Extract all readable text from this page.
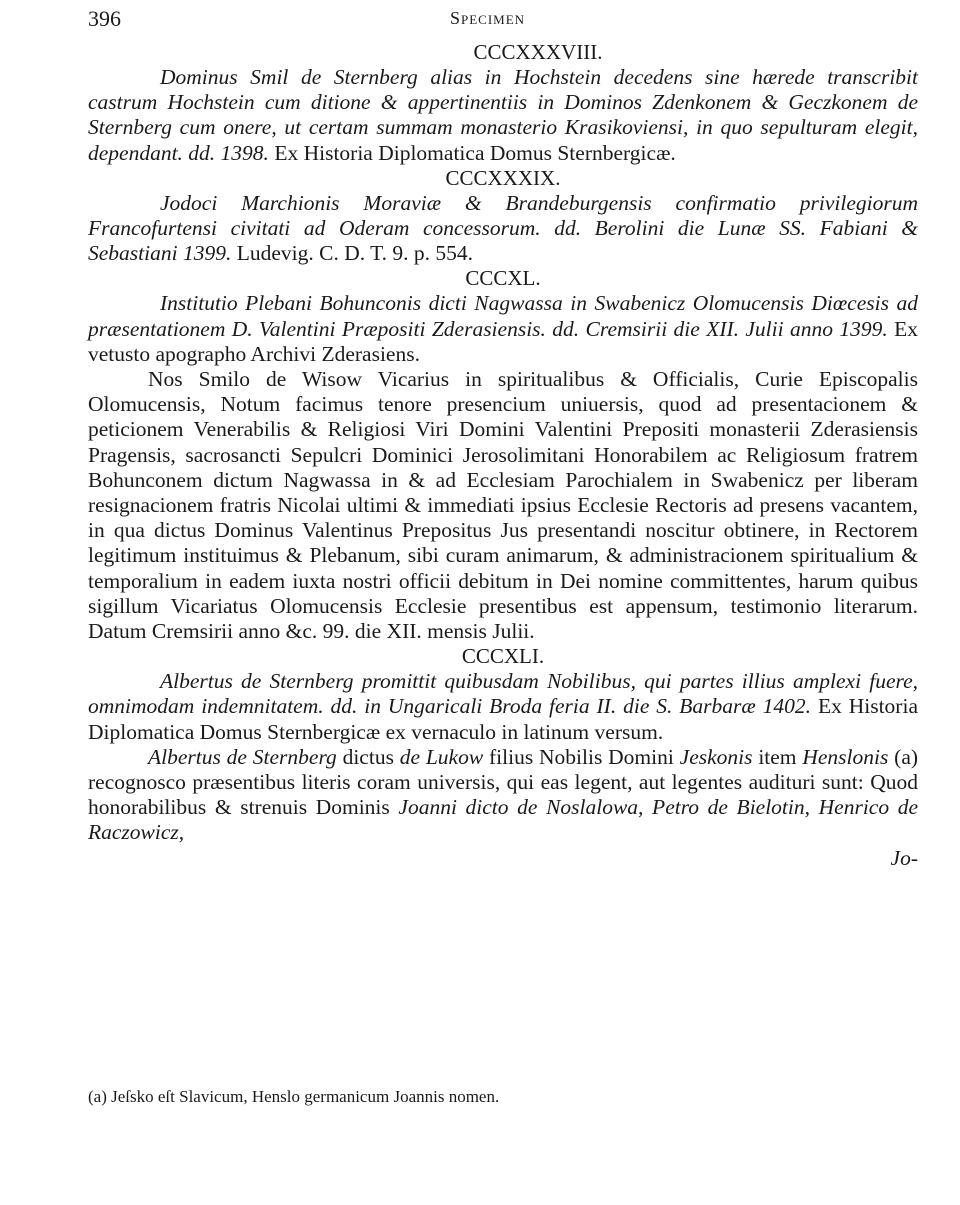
396	Specimen

CCCXXXVIII.

Dominus Smil de Sternberg alias in Hochstein decedens sine hærede transcribit castrum Hochstein cum ditione & appertinentiis in Dominos Zdenkonem & Geczkonem de Sternberg cum onere, ut certam summam monasterio Krasikoviensi, in quo sepulturam elegit, dependant. dd. 1398. Ex Historia Diplomatica Domus Sternbergicæ.

CCCXXXIX.

Jodoci Marchionis Moraviæ & Brandeburgensis confirmatio privilegiorum Francofurtensi civitati ad Oderam concessorum. dd. Berolini die Lunæ SS. Fabiani & Sebastiani 1399. Ludevig. C. D. T. 9. p. 554.

CCCXL.

Institutio Plebani Bohunconis dicti Nagwassa in Swabenicz Olomucensis Diœcesis ad præsentationem D. Valentini Præpositi Zderasiensis. dd. Cremsirii die XII. Julii anno 1399. Ex vetusto apographo Archivi Zderasiens.

Nos Smilo de Wisow Vicarius in spiritualibus & Officialis, Curie Episcopalis Olomucensis, Notum facimus tenore presencium uniuersis, quod ad presentacionem & peticionem Venerabilis & Religiosi Viri Domini Valentini Prepositi monasterii Zderasiensis Pragensis, sacrosancti Sepulcri Dominici Jerosolimitani Honorabilem ac Religiosum fratrem Bohunconem dictum Nagwassa in & ad Ecclesiam Parochialem in Swabenicz per liberam resignacionem fratris Nicolai ultimi & immediati ipsius Ecclesie Rectoris ad presens vacantem, in qua dictus Dominus Valentinus Prepositus Jus presentandi noscitur obtinere, in Rectorem legitimum instituimus & Plebanum, sibi curam animarum, & administracionem spiritualium & temporalium in eadem iuxta nostri officii debitum in Dei nomine committentes, harum quibus sigillum Vicariatus Olomucensis Ecclesie presentibus est appensum, testimonio literarum. Datum Cremsirii anno &c. 99. die XII. mensis Julii.

CCCXLI.

Albertus de Sternberg promittit quibusdam Nobilibus, qui partes illius amplexi fuere, omnimodam indemnitatem. dd. in Ungaricali Broda feria II. die S. Barbaræ 1402. Ex Historia Diplomatica Domus Sternbergicæ ex vernaculo in latinum versum.

Albertus de Sternberg dictus de Lukow filius Nobilis Domini Jeskonis item Henslonis (a) recognosco præsentibus literis coram universis, qui eas legent, aut legentes audituri sunt: Quod honorabilibus & strenuis Dominis Joanni dicto de Noslalowa, Petro de Bielotin, Henrico de Raczowicz,

Jo-

(a) Jeſsko eſt Slavicum, Henslo germanicum Joannis nomen.
